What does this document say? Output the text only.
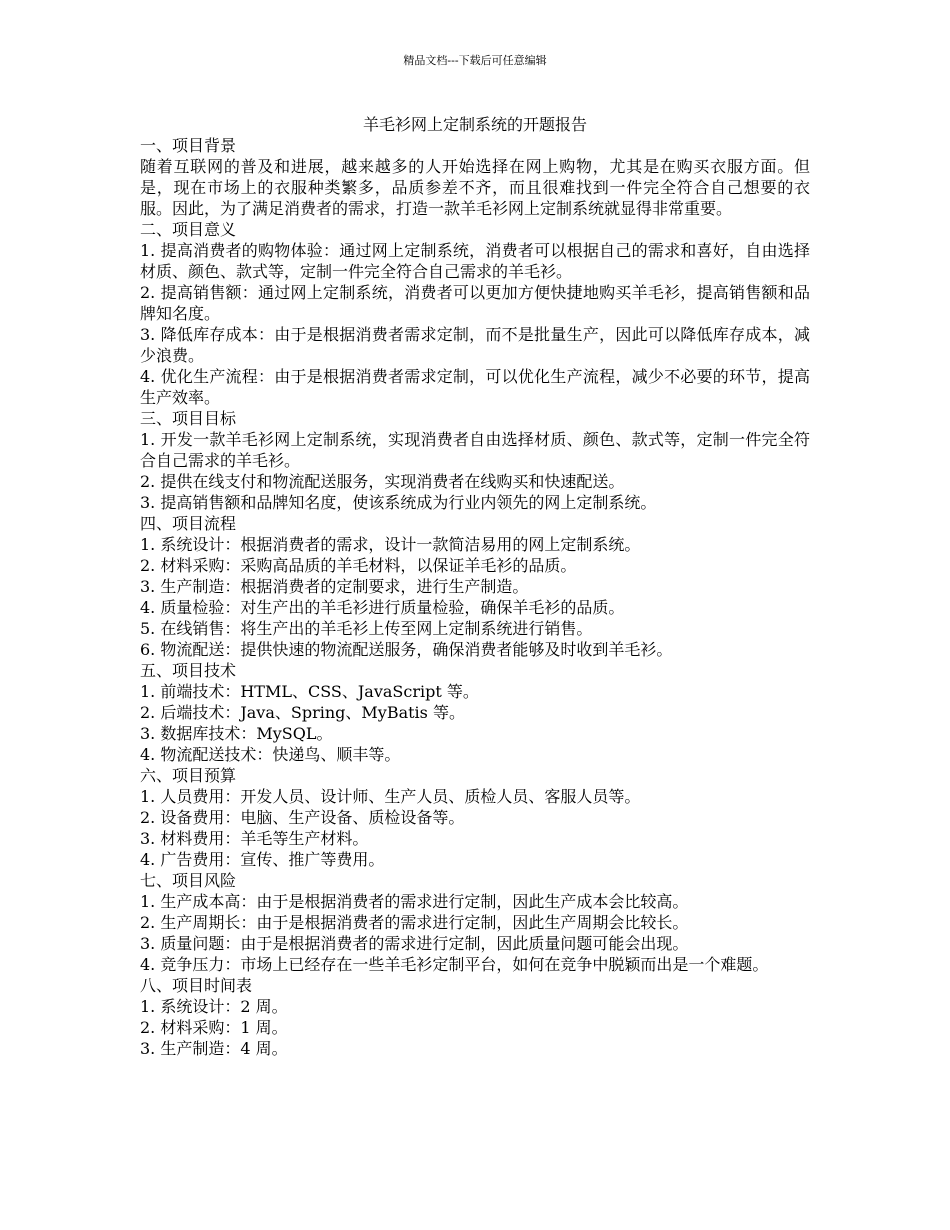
精品文档---下载后可任意编辑
羊毛衫网上定制系统的开题报告
一、项目背景
随着互联网的普及和进展，越来越多的人开始选择在网上购物，尤其是在购买衣服方面。但是，现在市场上的衣服种类繁多，品质参差不齐，而且很难找到一件完全符合自己想要的衣服。因此，为了满足消费者的需求，打造一款羊毛衫网上定制系统就显得非常重要。
二、项目意义
1. 提高消费者的购物体验：通过网上定制系统，消费者可以根据自己的需求和喜好，自由选择材质、颜色、款式等，定制一件完全符合自己需求的羊毛衫。
2. 提高销售额：通过网上定制系统，消费者可以更加方便快捷地购买羊毛衫，提高销售额和品牌知名度。
3. 降低库存成本：由于是根据消费者需求定制，而不是批量生产，因此可以降低库存成本，减少浪费。
4. 优化生产流程：由于是根据消费者需求定制，可以优化生产流程，减少不必要的环节，提高生产效率。
三、项目目标
1. 开发一款羊毛衫网上定制系统，实现消费者自由选择材质、颜色、款式等，定制一件完全符合自己需求的羊毛衫。
2. 提供在线支付和物流配送服务，实现消费者在线购买和快速配送。
3. 提高销售额和品牌知名度，使该系统成为行业内领先的网上定制系统。
四、项目流程
1. 系统设计：根据消费者的需求，设计一款简洁易用的网上定制系统。
2. 材料采购：采购高品质的羊毛材料，以保证羊毛衫的品质。
3. 生产制造：根据消费者的定制要求，进行生产制造。
4. 质量检验：对生产出的羊毛衫进行质量检验，确保羊毛衫的品质。
5. 在线销售：将生产出的羊毛衫上传至网上定制系统进行销售。
6. 物流配送：提供快速的物流配送服务，确保消费者能够及时收到羊毛衫。
五、项目技术
1. 前端技术：HTML、CSS、JavaScript 等。
2. 后端技术：Java、Spring、MyBatis 等。
3. 数据库技术：MySQL。
4. 物流配送技术：快递鸟、顺丰等。
六、项目预算
1. 人员费用：开发人员、设计师、生产人员、质检人员、客服人员等。
2. 设备费用：电脑、生产设备、质检设备等。
3. 材料费用：羊毛等生产材料。
4. 广告费用：宣传、推广等费用。
七、项目风险
1. 生产成本高：由于是根据消费者的需求进行定制，因此生产成本会比较高。
2. 生产周期长：由于是根据消费者的需求进行定制，因此生产周期会比较长。
3. 质量问题：由于是根据消费者的需求进行定制，因此质量问题可能会出现。
4. 竞争压力：市场上已经存在一些羊毛衫定制平台，如何在竞争中脱颖而出是一个难题。
八、项目时间表
1. 系统设计：2 周。
2. 材料采购：1 周。
3. 生产制造：4 周。
